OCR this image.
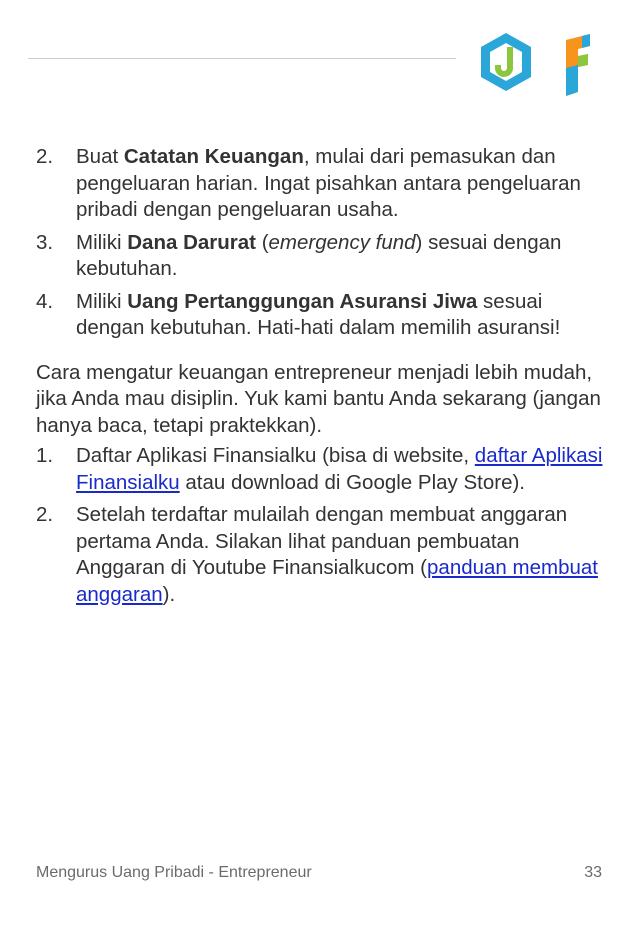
2.	Buat Catatan Keuangan, mulai dari pemasukan dan pengeluaran harian. Ingat pisahkan antara pengeluaran pribadi dengan pengeluaran usaha.
3.	Miliki Dana Darurat (emergency fund) sesuai dengan kebutuhan.
4.	Miliki Uang Pertanggungan Asuransi Jiwa sesuai dengan kebutuhan. Hati-hati dalam memilih asuransi!
Cara mengatur keuangan entrepreneur menjadi lebih mudah, jika Anda mau disiplin. Yuk kami bantu Anda sekarang (jangan hanya baca, tetapi praktekkan).
1.	Daftar Aplikasi Finansialku (bisa di website, daftar Aplikasi Finansialku atau download di Google Play Store).
2.	Setelah terdaftar mulailah dengan membuat anggaran pertama Anda. Silakan lihat panduan pembuatan Anggaran di Youtube Finansialkucom (panduan membuat anggaran).
Mengurus Uang Pribadi - Entrepreneur	33
